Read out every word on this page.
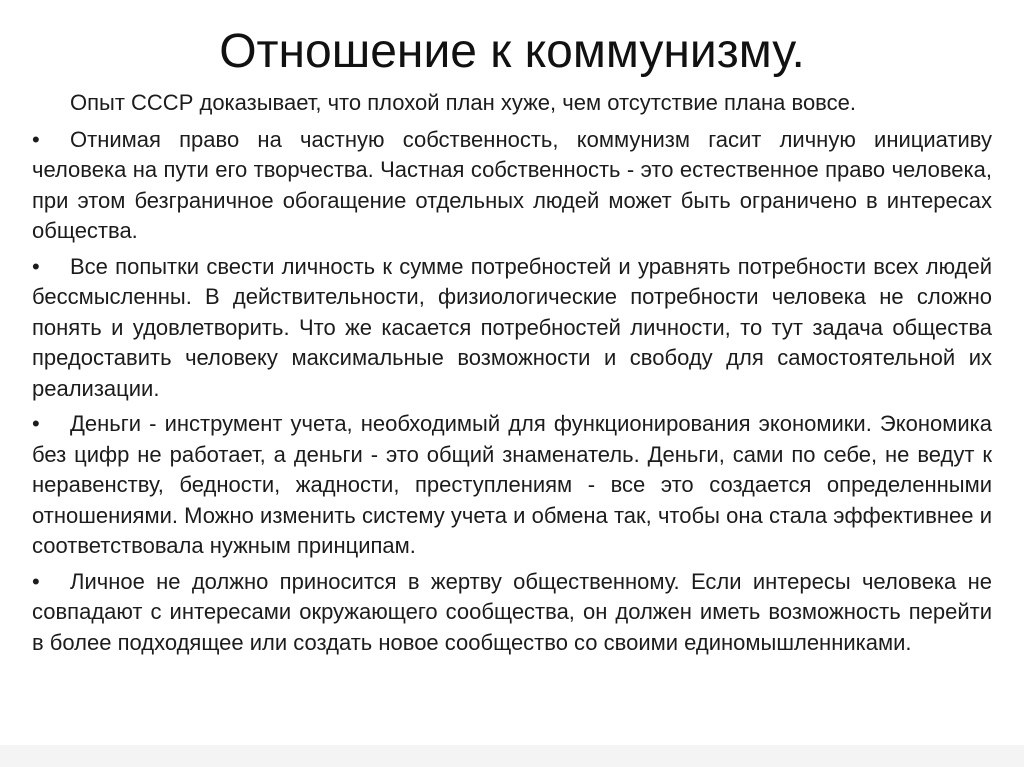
Отношение к коммунизму.

Опыт СССР доказывает, что плохой план хуже, чем отсутствие плана вовсе.

• Отнимая право на частную собственность, коммунизм гасит личную инициативу человека на пути его творчества. Частная собственность - это естественное право человека, при этом безграничное обогащение отдельных людей может быть ограничено в интересах общества.

• Все попытки свести личность к сумме потребностей и уравнять потребности всех людей бессмысленны. В действительности, физиологические потребности человека не сложно понять и удовлетворить. Что же касается потребностей личности, то тут задача общества предоставить человеку максимальные возможности и свободу для самостоятельной их реализации.

• Деньги - инструмент учета, необходимый для функционирования экономики. Экономика без цифр не работает, а деньги - это общий знаменатель. Деньги, сами по себе, не ведут к неравенству, бедности, жадности, преступлениям - все это создается определенными отношениями. Можно изменить систему учета и обмена так, чтобы она стала эффективнее и соответствовала нужным принципам.

• Личное не должно приносится в жертву общественному. Если интересы человека не совпадают с интересами окружающего сообщества, он должен иметь возможность перейти в более подходящее или создать новое сообщество со своими единомышленниками.
